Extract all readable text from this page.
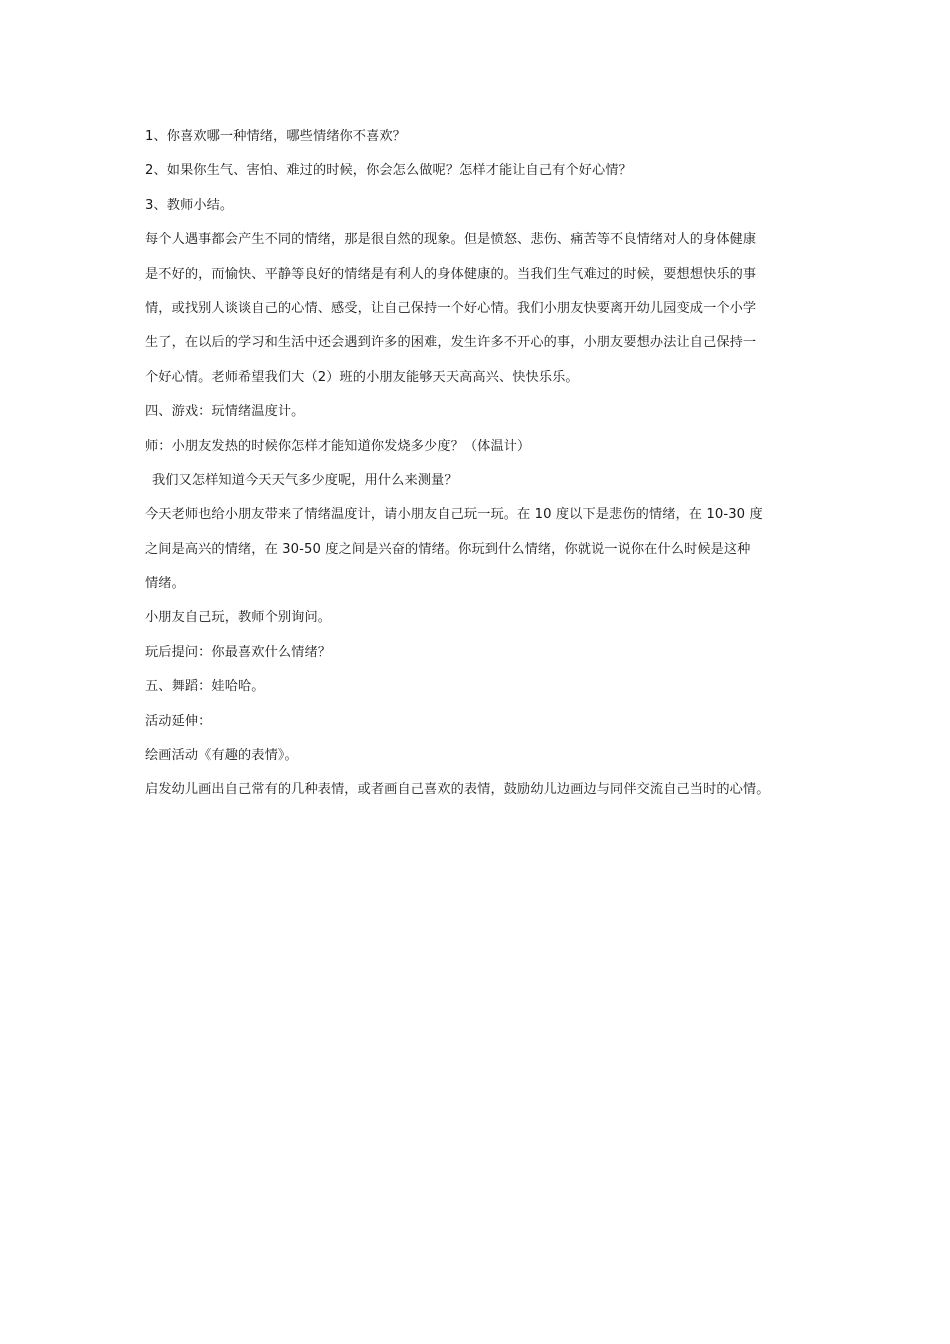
1、你喜欢哪一种情绪，哪些情绪你不喜欢？
2、如果你生气、害怕、难过的时候，你会怎么做呢？怎样才能让自己有个好心情？
3、教师小结。
每个人遇事都会产生不同的情绪，那是很自然的现象。但是愤怒、悲伤、痛苦等不良情绪对人的身体健康
是不好的，而愉快、平静等良好的情绪是有利人的身体健康的。当我们生气难过的时候，要想想快乐的事
情，或找别人谈谈自己的心情、感受，让自己保持一个好心情。我们小朋友快要离开幼儿园变成一个小学
生了，在以后的学习和生活中还会遇到许多的困难，发生许多不开心的事，小朋友要想办法让自己保持一
个好心情。老师希望我们大（2）班的小朋友能够天天高高兴、快快乐乐。
四、游戏：玩情绪温度计。
师：小朋友发热的时候你怎样才能知道你发烧多少度？（体温计）
我们又怎样知道今天天气多少度呢，用什么来测量？
今天老师也给小朋友带来了情绪温度计，请小朋友自己玩一玩。在 10 度以下是悲伤的情绪，在 10-30 度
之间是高兴的情绪，在 30-50 度之间是兴奋的情绪。你玩到什么情绪，你就说一说你在什么时候是这种
情绪。
小朋友自己玩，教师个别询问。
玩后提问：你最喜欢什么情绪？
五、舞蹈：娃哈哈。
活动延伸：
绘画活动《有趣的表情》。
启发幼儿画出自己常有的几种表情，或者画自己喜欢的表情，鼓励幼儿边画边与同伴交流自己当时的心情。
